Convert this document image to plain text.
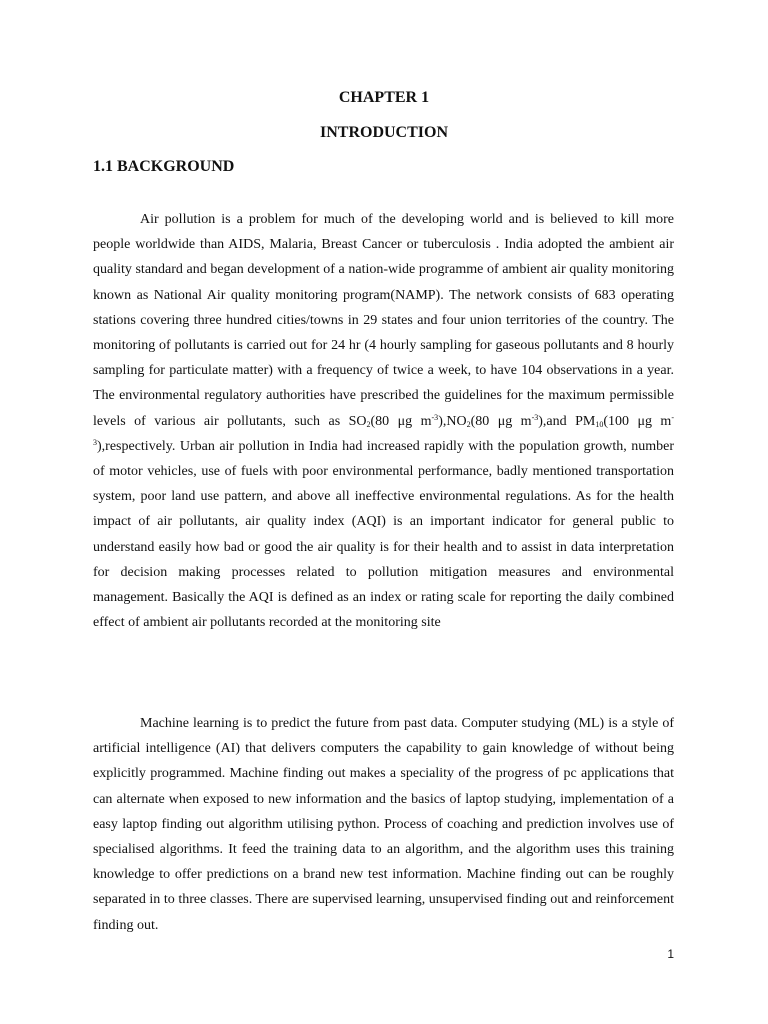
CHAPTER 1
INTRODUCTION
1.1 BACKGROUND

Air pollution is a problem for much of the developing world and is believed to kill more people worldwide than AIDS, Malaria, Breast Cancer or tuberculosis . India adopted the ambient air quality standard and began development of a nation-wide programme of ambient air quality monitoring known as National Air quality monitoring program(NAMP). The network consists of 683 operating stations covering three hundred cities/towns in 29 states and four union territories of the country. The monitoring of pollutants is carried out for 24 hr (4 hourly sampling for gaseous pollutants and 8 hourly sampling for particulate matter) with a frequency of twice a week, to have 104 observations in a year. The environmental regulatory authorities have prescribed the guidelines for the maximum permissible levels of various air pollutants, such as $SO_2(80$ μg $m^{-3}),NO_2(80$ μg $m^{-3}),and$ $PM_{10}(100$ μg $m^{-3}),respectively$. Urban air pollution in India had increased rapidly with the population growth, number of motor vehicles, use of fuels with poor environmental performance, badly mentioned transportation system, poor land use pattern, and above all ineffective environmental regulations. As for the health impact of air pollutants, air quality index (AQI) is an important indicator for general public to understand easily how bad or good the air quality is for their health and to assist in data interpretation for decision making processes related to pollution mitigation measures and environmental management. Basically the AQI is defined as an index or rating scale for reporting the daily combined effect of ambient air pollutants recorded at the monitoring site

Machine learning is to predict the future from past data. Computer studying (ML) is a style of artificial intelligence (AI) that delivers computers the capability to gain knowledge of without being explicitly programmed. Machine finding out makes a speciality of the progress of pc applications that can alternate when exposed to new information and the basics of laptop studying, implementation of a easy laptop finding out algorithm utilising python. Process of coaching and prediction involves use of specialised algorithms. It feed the training data to an algorithm, and the algorithm uses this training knowledge to offer predictions on a brand new test information. Machine finding out can be roughly separated in to three classes. There are supervised learning, unsupervised finding out and reinforcement finding out.

1
